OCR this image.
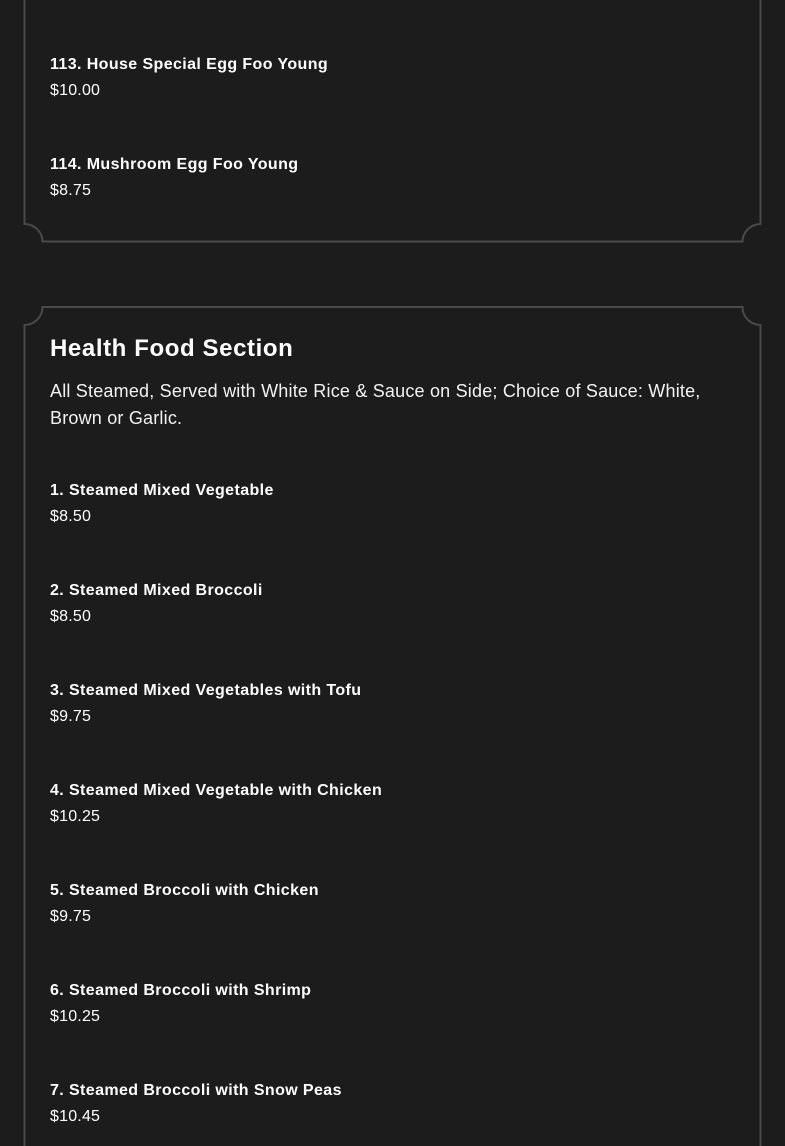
113. House Special Egg Foo Young
$10.00
114. Mushroom Egg Foo Young
$8.75
Health Food Section
All Steamed, Served with White Rice & Sauce on Side; Choice of Sauce: White, Brown or Garlic.
1. Steamed Mixed Vegetable
$8.50
2. Steamed Mixed Broccoli
$8.50
3. Steamed Mixed Vegetables with Tofu
$9.75
4. Steamed Mixed Vegetable with Chicken
$10.25
5. Steamed Broccoli with Chicken
$9.75
6. Steamed Broccoli with Shrimp
$10.25
7. Steamed Broccoli with Snow Peas
$10.45
